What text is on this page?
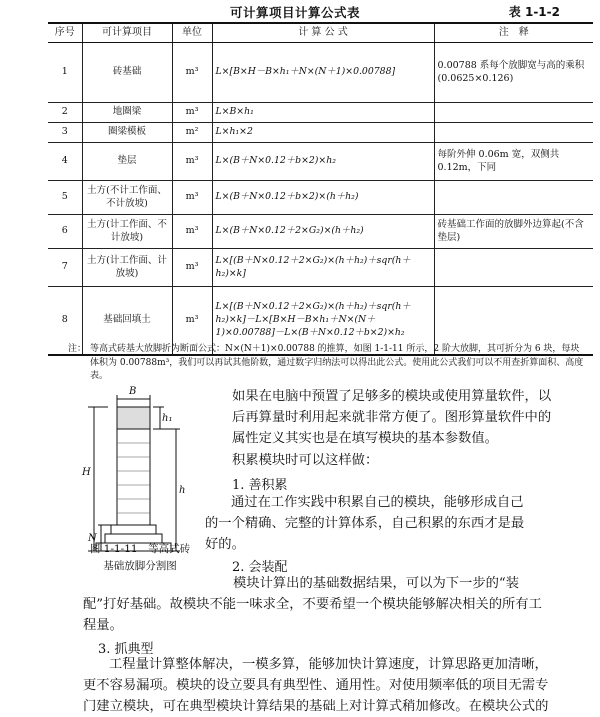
可计算项目计算公式表	表 1-1-2
序号	可计算项目	单位	计 算 公 式	注　释
1	砖基础	m³	L×[B×H－B×h₁＋N×(N＋1)×0.00788]	0.00788 系每个放脚宽与高的乘积(0.0625×0.126)
2	地圈梁	m³	L×B×h₁	
3	圈梁模板	m²	L×h₁×2	
4	垫层	m³	L×(B＋N×0.12＋b×2)×h₂	每阶外伸 0.06m 宽，双侧共 0.12m，下同
5	土方(不计工作面、不计放坡)	m³	L×(B＋N×0.12＋b×2)×(h＋h₂)	
6	土方(计工作面、不计放坡)	m³	L×(B＋N×0.12＋2×G₂)×(h＋h₂)	砖基础工作面的放脚外边算起(不含垫层)
7	土方(计工作面、计放坡)	m³	L×[(B＋N×0.12＋2×G₂)×(h＋h₂)＋sqr(h＋h₂)×k]	
8	基础回填土	m³	L×[(B＋N×0.12＋2×G₂)×(h＋h₂)＋sqr(h＋h₂)×k]－L×[B×H－B×h₁＋N×(N＋1)×0.00788]－L×(B＋N×0.12＋b×2)×h₂	
注： 等高式砖基大放脚折为断面公式：N×(N＋1)×0.00788 的推算，如图 1-1-11 所示，2 阶大放脚，其可折分为 6 块，每块体积为 0.00788m³，我们可以再试其他阶数，通过数字归纳法可以得出此公式。使用此公式我们可以不用查折算面积、高度表。
B
H
h₁
h
N
图 1-1-11　等高式砖
基础放脚分割图
如果在电脑中预置了足够多的模块或使用算量软件，以
后再算量时利用起来就非常方便了。图形算量软件中的
属性定义其实也是在填写模块的基本参数值。
积累模块时可以这样做：
1. 善积累
通过在工作实践中积累自己的模块，能够形成自己
的一个精确、完整的计算体系，自己积累的东西才是最
好的。
2. 会装配
模块计算出的基础数据结果，可以为下一步的“装
配”打好基础。故模块不能一味求全，不要希望一个模块能够解决相关的所有工
程量。
3. 抓典型
工程量计算整体解决，一模多算，能够加快计算速度，计算思路更加清晰，
更不容易漏项。模块的设立要具有典型性、通用性。对使用频率低的项目无需专
门建立模块，可在典型模块计算结果的基础上对计算式稍加修改。在模块公式的
